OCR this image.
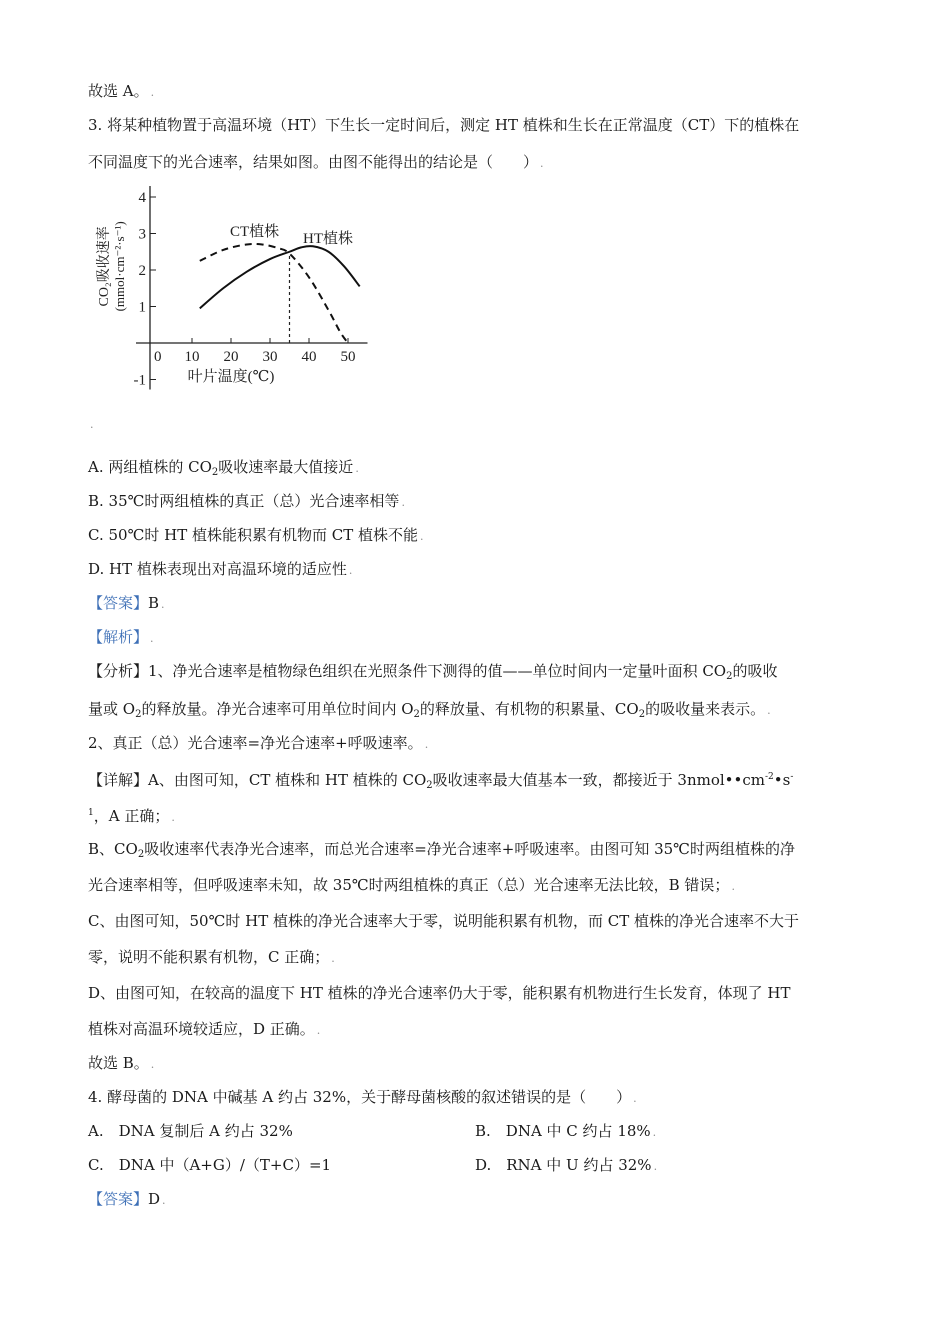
故选 A。 .
3. 将某种植物置于高温环境（HT）下生长一定时间后，测定 HT 植株和生长在正常温度（CT）下的植株在
不同温度下的光合速率，结果如图。由图不能得出的结论是（　　） .
-1
1
2
3
4
0 10 20 30 40 50
CT植株 HT植株
叶片温度(℃)
CO₂吸收速率 (mmol·cm⁻²·s⁻¹)
.
A. 两组植株的 $CO_2$吸收速率最大值接近 .
B. 35℃时两组植株的真正（总）光合速率相等 .
C. 50℃时 HT 植株能积累有机物而 CT 植株不能 .
D. HT 植株表现出对高温环境的适应性 .
【答案】B .
【解析】 .
【分析】1、净光合速率是植物绿色组织在光照条件下测得的值——单位时间内一定量叶面积 $CO_2$的吸收
量或 $O_2$的释放量。净光合速率可用单位时间内 $O_2$的释放量、有机物的积累量、$CO_2$的吸收量来表示。 .
2、真正（总）光合速率=净光合速率+呼吸速率。 .
【详解】A、由图可知，CT 植株和 HT 植株的 $CO_2$吸收速率最大值基本一致，都接近于 $3nmol••cm^{-2}•s^-$
$^1$，A 正确； .
B、$CO_2$吸收速率代表净光合速率，而总光合速率=净光合速率+呼吸速率。由图可知 35℃时两组植株的净
光合速率相等，但呼吸速率未知，故 35℃时两组植株的真正（总）光合速率无法比较，B 错误； .
C、由图可知，50℃时 HT 植株的净光合速率大于零，说明能积累有机物，而 CT 植株的净光合速率不大于
零，说明不能积累有机物，C 正确； .
D、由图可知，在较高的温度下 HT 植株的净光合速率仍大于零，能积累有机物进行生长发育，体现了 HT
植株对高温环境较适应，D 正确。 .
故选 B。 .
4. 酵母菌的 DNA 中碱基 A 约占 32%，关于酵母菌核酸的叙述错误的是（　　） .
A.　DNA 复制后 A 约占 32%	B.　DNA 中 C 约占 18% .
C.　DNA 中（A+G）/（T+C）=1	D.　RNA 中 U 约占 32% .
【答案】D .
